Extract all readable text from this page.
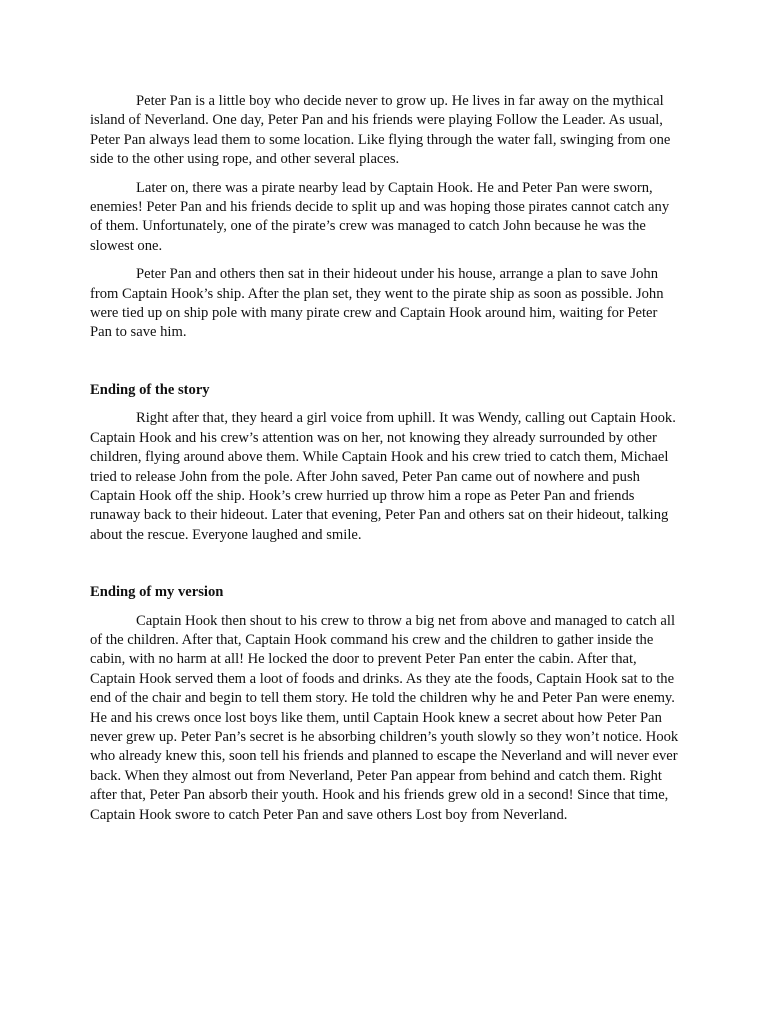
Peter Pan is a little boy who decide never to grow up. He lives in far away on the mythical island of Neverland. One day, Peter Pan and his friends were playing Follow the Leader. As usual, Peter Pan always lead them to some location. Like flying through the water fall, swinging from one side to the other using rope, and other several places.

Later on, there was a pirate nearby lead by Captain Hook. He and Peter Pan were sworn, enemies! Peter Pan and his friends decide to split up and was hoping those pirates cannot catch any of them. Unfortunately, one of the pirate’s crew was managed to catch John because he was the slowest one.

Peter Pan and others then sat in their hideout under his house, arrange a plan to save John from Captain Hook’s ship. After the plan set, they went to the pirate ship as soon as possible. John were tied up on ship pole with many pirate crew and Captain Hook around him, waiting for Peter Pan to save him.

Ending of the story

Right after that, they heard a girl voice from uphill. It was Wendy, calling out Captain Hook. Captain Hook and his crew’s attention was on her, not knowing they already surrounded by other children, flying around above them. While Captain Hook and his crew tried to catch them, Michael tried to release John from the pole. After John saved, Peter Pan came out of nowhere and push Captain Hook off the ship. Hook’s crew hurried up throw him a rope as Peter Pan and friends runaway back to their hideout. Later that evening, Peter Pan and others sat on their hideout, talking about the rescue. Everyone laughed and smile.

Ending of my version

Captain Hook then shout to his crew to throw a big net from above and managed to catch all of the children. After that, Captain Hook command his crew and the children to gather inside the cabin, with no harm at all! He locked the door to prevent Peter Pan enter the cabin. After that, Captain Hook served them a loot of foods and drinks. As they ate the foods, Captain Hook sat to the end of the chair and begin to tell them story. He told the children why he and Peter Pan were enemy. He and his crews once lost boys like them, until Captain Hook knew a secret about how Peter Pan never grew up. Peter Pan’s secret is he absorbing children’s youth slowly so they won’t notice. Hook who already knew this, soon tell his friends and planned to escape the Neverland and will never ever back. When they almost out from Neverland, Peter Pan appear from behind and catch them. Right after that, Peter Pan absorb their youth. Hook and his friends grew old in a second! Since that time, Captain Hook swore to catch Peter Pan and save others Lost boy from Neverland.
